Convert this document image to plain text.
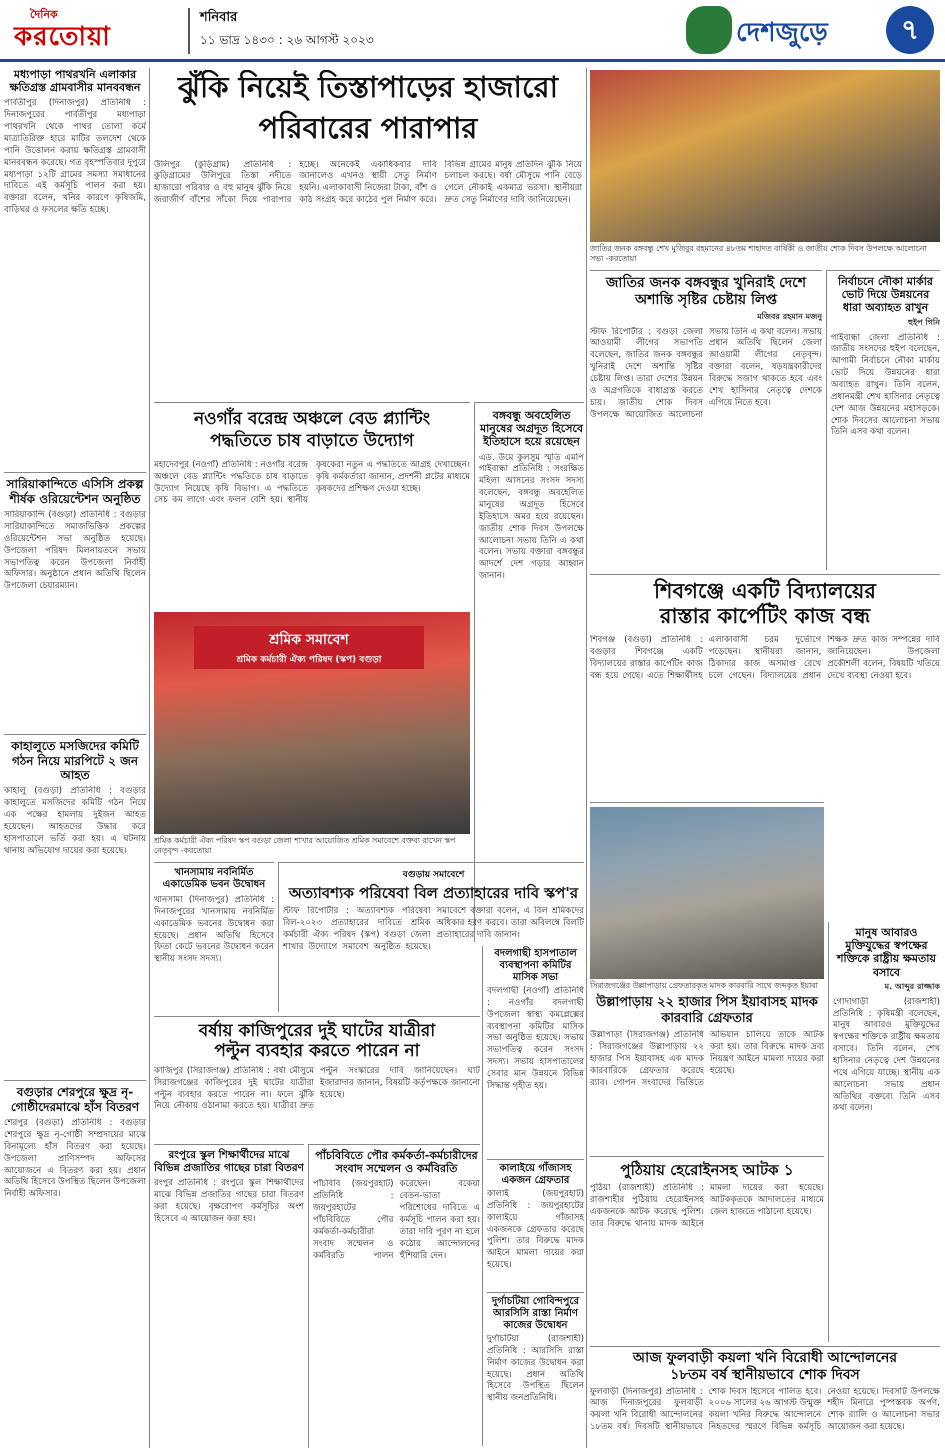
দৈনিক
করতোয়া
শনিবার
১১ ভাদ্র ১৪৩০ : ২৬ আগস্ট ২০২৩	দেশজুড়ে	৭
মধ্যপাড়া পাথরখনি এলাকার ক্ষতিগ্রস্ত গ্রামবাসীর মানববন্ধন
পার্বতীপুর (দিনাজপুর) প্রতিনিধি : দিনাজপুরের পার্বতীপুর মধ্যপাড়া পাথরখনি থেকে পাথর তোলা কর্মে মাত্রাতিরিক্ত হারে মাটির তলদেশ থেকে পানি উত্তোলন করায় ক্ষতিগ্রস্ত গ্রামবাসী মানববন্ধন করেছে। গত বৃহস্পতিবার দুপুরে মধ্যপাড়া ১২টি গ্রামের সমস্যা সমাধানের দাবিতে এই কর্মসূচি পালন করা হয়। বক্তারা বলেন, খনির কারণে কৃষিজমি, বাড়িঘর ও ফসলের ক্ষতি হচ্ছে।
সারিয়াকান্দিতে এসিসি প্রকল্প শীর্ষক ওরিয়েন্টেশন অনুষ্ঠিত
সারিয়াকান্দি (বগুড়া) প্রতিনিধি : বগুড়ার সারিয়াকান্দিতে সমাজভিত্তিক প্রকল্পের ওরিয়েন্টেশন সভা অনুষ্ঠিত হয়েছে। উপজেলা পরিষদ মিলনায়তনে সভায় সভাপতিত্ব করেন উপজেলা নির্বাহী অফিসার। অনুষ্ঠানে প্রধান অতিথি ছিলেন উপজেলা চেয়ারম্যান।
কাহালুতে মসজিদের কমিটি গঠন নিয়ে মারপিটে ২ জন আহত
কাহালু (বগুড়া) প্রতিনিধি : বগুড়ার কাহালুতে মসজিদের কমিটি গঠন নিয়ে এক পক্ষের হামলায় দুইজন আহত হয়েছেন। আহতদের উদ্ধার করে হাসপাতালে ভর্তি করা হয়। এ ঘটনায় থানায় অভিযোগ দায়ের করা হয়েছে।
বগুড়ার শেরপুরে ক্ষুদ্র নৃ-গোষ্ঠীদেরমাঝে হাঁস বিতরণ
শেরপুর (বগুড়া) প্রতিনিধি : বগুড়ার শেরপুরে ক্ষুদ্র নৃ-গোষ্ঠী সম্প্রদায়ের মাঝে বিনামূল্যে হাঁস বিতরণ করা হয়েছে। উপজেলা প্রাণিসম্পদ অফিসের আয়োজনে এ বিতরণ করা হয়। প্রধান অতিথি হিসেবে উপস্থিত ছিলেন উপজেলা নির্বাহী অফিসার।
ঝুঁকি নিয়েই তিস্তাপাড়ের হাজারো
পরিবারের পারাপার
উলিপুর (কুড়িগ্রাম) প্রতিনিধি : কুড়িগ্রামের উলিপুরে তিস্তা নদীতে হাজারো পরিবার ও বহু মানুষ ঝুঁকি নিয়ে জরাজীর্ণ বাঁশের সাঁকো দিয়ে পারাপার হচ্ছে। অনেকেই একাধিকবার দাবি জানালেও এখনও স্থায়ী সেতু নির্মাণ হয়নি। এলাকাবাসী নিজেরা টাকা, বাঁশ ও কাঠ সংগ্রহ করে কাঠের পুল নির্মাণ করে। বিভিন্ন গ্রামের মানুষ প্রতিদিন ঝুঁকি নিয়ে চলাচল করছে। বর্ষা মৌসুমে পানি বেড়ে গেলে নৌকাই একমাত্র ভরসা। স্থানীয়রা দ্রুত সেতু নির্মাণের দাবি জানিয়েছেন।
নওগাঁর বরেন্দ্র অঞ্চলে বেড প্ল্যান্টিং
পদ্ধতিতে চাষ বাড়াতে উদ্যোগ
মহাদেবপুর (নওগাঁ) প্রতিনিধি : নওগাঁর বরেন্দ্র অঞ্চলে বেড প্ল্যান্টিং পদ্ধতিতে চাষ বাড়াতে উদ্যোগ নিয়েছে কৃষি বিভাগ। এ পদ্ধতিতে সেচ কম লাগে এবং ফলন বেশি হয়। স্থানীয় কৃষকেরা নতুন এ পদ্ধতিতে আগ্রহ দেখাচ্ছেন। কৃষি কর্মকর্তারা জানান, প্রদর্শনী প্লটের মাধ্যমে কৃষকদের প্রশিক্ষণ দেওয়া হচ্ছে।
বঙ্গবন্ধু অবহেলিত মানুষের অগ্রদূত হিসেবে ইতিহাসে হয়ে রয়েছেন
এড. উমে কুলসুম স্মৃতি এমপি গাইবান্ধা প্রতিনিধি : সংরক্ষিত মহিলা আসনের সংসদ সদস্য বলেছেন, বঙ্গবন্ধু অবহেলিত মানুষের অগ্রদূত হিসেবে ইতিহাসে অমর হয়ে রয়েছেন। জাতীয় শোক দিবস উপলক্ষে আলোচনা সভায় তিনি এ কথা বলেন। সভায় বক্তারা বঙ্গবন্ধুর আদর্শে দেশ গড়ার আহ্বান জানান।
শ্রমিক সমাবেশ
শ্রমিক কর্মচারী ঐক্য পরিষদ (স্কপ) বগুড়া
শ্রমিক কর্মচারী ঐক্য পরিষদ স্কপ বগুড়া জেলা শাখার আয়োজিত শ্রমিক সমাবেশে বক্তব্য রাখেন স্কপ নেতৃবৃন্দ -করতোয়া
খানসামায় নবনির্মিত একাডেমিক ভবন উদ্বোধন
খানসামা (দিনাজপুর) প্রতিনিধি : দিনাজপুরের খানসামায় নবনির্মিত একাডেমিক ভবনের উদ্বোধন করা হয়েছে। প্রধান অতিথি হিসেবে ফিতা কেটে ভবনের উদ্বোধন করেন স্থানীয় সংসদ সদস্য।
বগুড়ায় সমাবেশে
অত্যাবশ্যক পরিষেবা বিল প্রত্যাহারের দাবি স্কপ'র
স্টাফ রিপোর্টার : অত্যাবশ্যক পরিষেবা বিল-২০২৩ প্রত্যাহারের দাবিতে শ্রমিক কর্মচারী ঐক্য পরিষদ (স্কপ) বগুড়া জেলা শাখার উদ্যোগে সমাবেশ অনুষ্ঠিত হয়েছে। সমাবেশে বক্তারা বলেন, এ বিল শ্রমিকদের অধিকার হরণ করবে। তারা অবিলম্বে বিলটি প্রত্যাহারের দাবি জানান।
বর্ষায় কাজিপুরের দুই ঘাটের যাত্রীরা
পল্টুন ব্যবহার করতে পারেন না
কাজিপুর (সিরাজগঞ্জ) প্রতিনিধি : বর্ষা মৌসুমে সিরাজগঞ্জের কাজিপুরের দুই ঘাটের যাত্রীরা পল্টুন ব্যবহার করতে পারেন না। ফলে ঝুঁকি নিয়ে নৌকায় ওঠানামা করতে হয়। যাত্রীরা দ্রুত পল্টুন সংস্কারের দাবি জানিয়েছেন। ঘাট ইজারাদার জানান, বিষয়টি কর্তৃপক্ষকে জানানো হয়েছে।
বদলগাছী হাসপাতাল ব্যবস্থাপনা কমিটির মাসিক সভা
বদলগাছী (নওগাঁ) প্রতিনিধি : নওগাঁর বদলগাছী উপজেলা স্বাস্থ্য কমপ্লেক্সের ব্যবস্থাপনা কমিটির মাসিক সভা অনুষ্ঠিত হয়েছে। সভায় সভাপতিত্ব করেন সংসদ সদস্য। সভায় হাসপাতালের সেবার মান উন্নয়নে বিভিন্ন সিদ্ধান্ত গৃহীত হয়।
কালাইয়ে গাঁজাসহ একজন গ্রেফতার
কালাই (জয়পুরহাট) প্রতিনিধি : জয়পুরহাটের কালাইয়ে গাঁজাসহ একজনকে গ্রেফতার করেছে পুলিশ। তার বিরুদ্ধে মাদক আইনে মামলা দায়ের করা হয়েছে।
দুর্গাচটিয়া গোবিন্দপুরে আরসিসি রাস্তা নির্মাণ কাজের উদ্বোধন
দুর্গাচটিয়া (রাজশাহী) প্রতিনিধি : আরসিসি রাস্তা নির্মাণ কাজের উদ্বোধন করা হয়েছে। প্রধান অতিথি হিসেবে উপস্থিত ছিলেন স্থানীয় জনপ্রতিনিধি।
রংপুরে স্কুল শিক্ষার্থীদের মাঝে বিভিন্ন প্রজাতির গাছের চারা বিতরণ
রংপুর প্রতিনিধি : রংপুরে স্কুল শিক্ষার্থীদের মাঝে বিভিন্ন প্রজাতির গাছের চারা বিতরণ করা হয়েছে। বৃক্ষরোপণ কর্মসূচির অংশ হিসেবে এ আয়োজন করা হয়।
পাঁচবিবিতে পৌর কর্মকর্তা-কর্মচারীদের সংবাদ সম্মেলন ও কর্মবিরতি
পাঁচবিবি (জয়পুরহাট) প্রতিনিধি : জয়পুরহাটের পাঁচবিবিতে পৌর কর্মকর্তা-কর্মচারীরা সংবাদ সম্মেলন ও কর্মবিরতি পালন করেছেন। বকেয়া বেতন-ভাতা পরিশোধের দাবিতে এ কর্মসূচি পালন করা হয়। তারা দাবি পূরণ না হলে কঠোর আন্দোলনের হুঁশিয়ারি দেন।
জাতির জনক বঙ্গবন্ধু শেখ মুজিবুর রহমানের ৪৮তম শাহাদত বার্ষিকী ও জাতীয় শোক দিবস উপলক্ষে আলোচনা সভা -করতোয়া
জাতির জনক বঙ্গবন্ধুর খুনিরাই দেশে অশান্তি সৃষ্টির চেষ্টায় লিপ্ত
মজিবর রহমান মজনু
স্টাফ রিপোর্টার : বগুড়া জেলা আওয়ামী লীগের সভাপতি বলেছেন, জাতির জনক বঙ্গবন্ধুর খুনিরাই দেশে অশান্তি সৃষ্টির চেষ্টায় লিপ্ত। তারা দেশের উন্নয়ন ও অগ্রগতিকে বাধাগ্রস্ত করতে চায়। জাতীয় শোক দিবস উপলক্ষে আয়োজিত আলোচনা সভায় তিনি এ কথা বলেন। সভায় প্রধান অতিথি ছিলেন জেলা আওয়ামী লীগের নেতৃবৃন্দ। বক্তারা বলেন, ষড়যন্ত্রকারীদের বিরুদ্ধে সজাগ থাকতে হবে এবং শেখ হাসিনার নেতৃত্বে দেশকে এগিয়ে নিতে হবে।
নির্বাচনে নৌকা মার্কার ভোট দিয়ে উন্নয়নের ধারা অব্যাহত রাখুন
হুইপ গিনি
গাইবান্ধা জেলা প্রতিনিধি : জাতীয় সংসদের হুইপ বলেছেন, আগামী নির্বাচনে নৌকা মার্কায় ভোট দিয়ে উন্নয়নের ধারা অব্যাহত রাখুন। তিনি বলেন, প্রধানমন্ত্রী শেখ হাসিনার নেতৃত্বে দেশ আজ উন্নয়নের মহাসড়কে। শোক দিবসের আলোচনা সভায় তিনি এসব কথা বলেন।
শিবগঞ্জে একটি বিদ্যালয়ের
রাস্তার কার্পেটিং কাজ বন্ধ
শিবগঞ্জ (বগুড়া) প্রতিনিধি : বগুড়ার শিবগঞ্জে একটি বিদ্যালয়ের রাস্তার কার্পেটিং কাজ বন্ধ হয়ে গেছে। এতে শিক্ষার্থীসহ এলাকাবাসী চরম দুর্ভোগে পড়েছেন। স্থানীয়রা জানান, ঠিকাদার কাজ অসমাপ্ত রেখে চলে গেছেন। বিদ্যালয়ের প্রধান শিক্ষক দ্রুত কাজ সম্পন্নের দাবি জানিয়েছেন। উপজেলা প্রকৌশলী বলেন, বিষয়টি খতিয়ে দেখে ব্যবস্থা নেওয়া হবে।
সিরাজগঞ্জের উল্লাপাড়ায় গ্রেফতারকৃত মাদক কারবারি সাথে জব্দকৃত ইয়াবা
উল্লাপাড়ায় ২২ হাজার পিস ইয়াবাসহ মাদক কারবারি গ্রেফতার
উল্লাপাড়া (সিরাজগঞ্জ) প্রতিনিধি : সিরাজগঞ্জের উল্লাপাড়ায় ২২ হাজার পিস ইয়াবাসহ এক মাদক কারবারিকে গ্রেফতার করেছে র‌্যাব। গোপন সংবাদের ভিত্তিতে অভিযান চালিয়ে তাকে আটক করা হয়। তার বিরুদ্ধে মাদক দ্রব্য নিয়ন্ত্রণ আইনে মামলা দায়ের করা হয়েছে।
মানুষ আবারও মুক্তিযুদ্ধের স্বপক্ষের শক্তিকে রাষ্ট্রীয় ক্ষমতায় বসাবে
ম. আব্দুর রাজ্জাক
গোদাগাড়ী (রাজশাহী) প্রতিনিধি : কৃষিমন্ত্রী বলেছেন, মানুষ আবারও মুক্তিযুদ্ধের স্বপক্ষের শক্তিকে রাষ্ট্রীয় ক্ষমতায় বসাবে। তিনি বলেন, শেখ হাসিনার নেতৃত্বে দেশ উন্নয়নের পথে এগিয়ে যাচ্ছে। স্থানীয় এক আলোচনা সভায় প্রধান অতিথির বক্তব্যে তিনি এসব কথা বলেন।
পুঠিয়ায় হেরোইনসহ আটক ১
পুঠিয়া (রাজশাহী) প্রতিনিধি : রাজশাহীর পুঠিয়ায় হেরোইনসহ একজনকে আটক করেছে পুলিশ। তার বিরুদ্ধে থানায় মাদক আইনে মামলা দায়ের করা হয়েছে। আটককৃতকে আদালতের মাধ্যমে জেল হাজতে পাঠানো হয়েছে।
আজ ফুলবাড়ী কয়লা খনি বিরোধী আন্দোলনের
১৮তম বর্ষ স্থানীয়ভাবে শোক দিবস
ফুলবাড়ী (দিনাজপুর) প্রতিনিধি : আজ দিনাজপুরের ফুলবাড়ী কয়লা খনি বিরোধী আন্দোলনের ১৮তম বর্ষ। দিবসটি স্থানীয়ভাবে শোক দিবস হিসেবে পালিত হবে। ২০০৬ সালের ২৬ আগস্ট উন্মুক্ত কয়লা খনির বিরুদ্ধে আন্দোলনে নিহতদের স্মরণে বিভিন্ন কর্মসূচি নেওয়া হয়েছে। দিবসটি উপলক্ষে শহীদ মিনারে পুষ্পস্তবক অর্পণ, শোক র‌্যালি ও আলোচনা সভার আয়োজন করা হয়েছে।
